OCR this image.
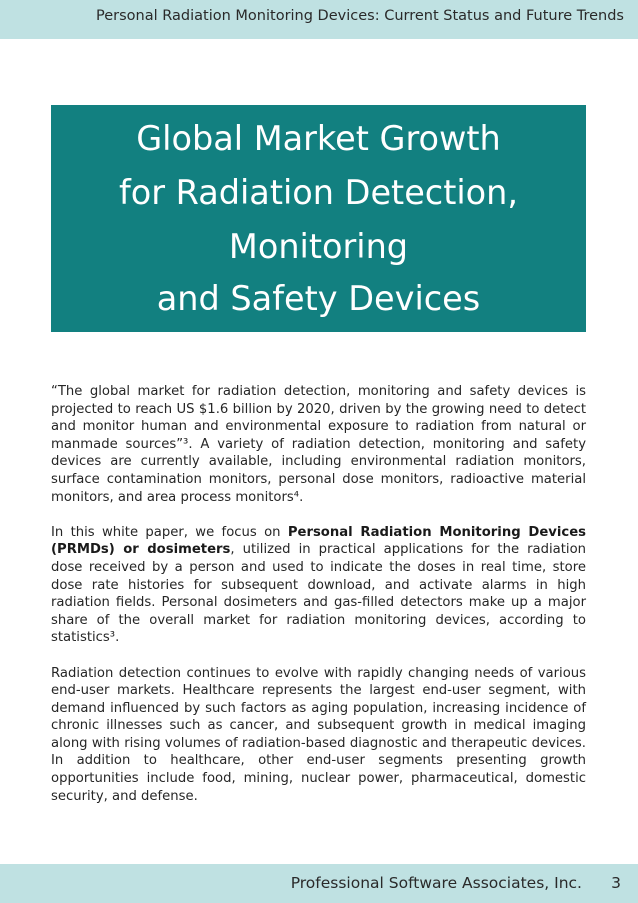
Personal Radiation Monitoring Devices: Current Status and Future Trends
Global Market Growth
for Radiation Detection,
Monitoring
and Safety Devices

“The global market for radiation detection, monitoring and safety devices is projected to reach US $1.6 billion by 2020, driven by the growing need to detect and monitor human and environmental exposure to radiation from natural or manmade sources”³. A variety of radiation detection, monitoring and safety devices are currently available, including environmental radiation monitors, surface contamination monitors, personal dose monitors, radioactive material monitors, and area process monitors⁴.

In this white paper, we focus on Personal Radiation Monitoring Devices (PRMDs) or dosimeters, utilized in practical applications for the radiation dose received by a person and used to indicate the doses in real time, store dose rate histories for subsequent download, and activate alarms in high radiation fields. Personal dosimeters and gas-filled detectors make up a major share of the overall market for radiation monitoring devices, according to statistics³.

Radiation detection continues to evolve with rapidly changing needs of various end-user markets. Healthcare represents the largest end-user segment, with demand influenced by such factors as aging population, increasing incidence of chronic illnesses such as cancer, and subsequent growth in medical imaging along with rising volumes of radiation-based diagnostic and therapeutic devices. In addition to healthcare, other end-user segments presenting growth opportunities include food, mining, nuclear power, pharmaceutical, domestic security, and defense.

Professional Software Associates, Inc. 3
